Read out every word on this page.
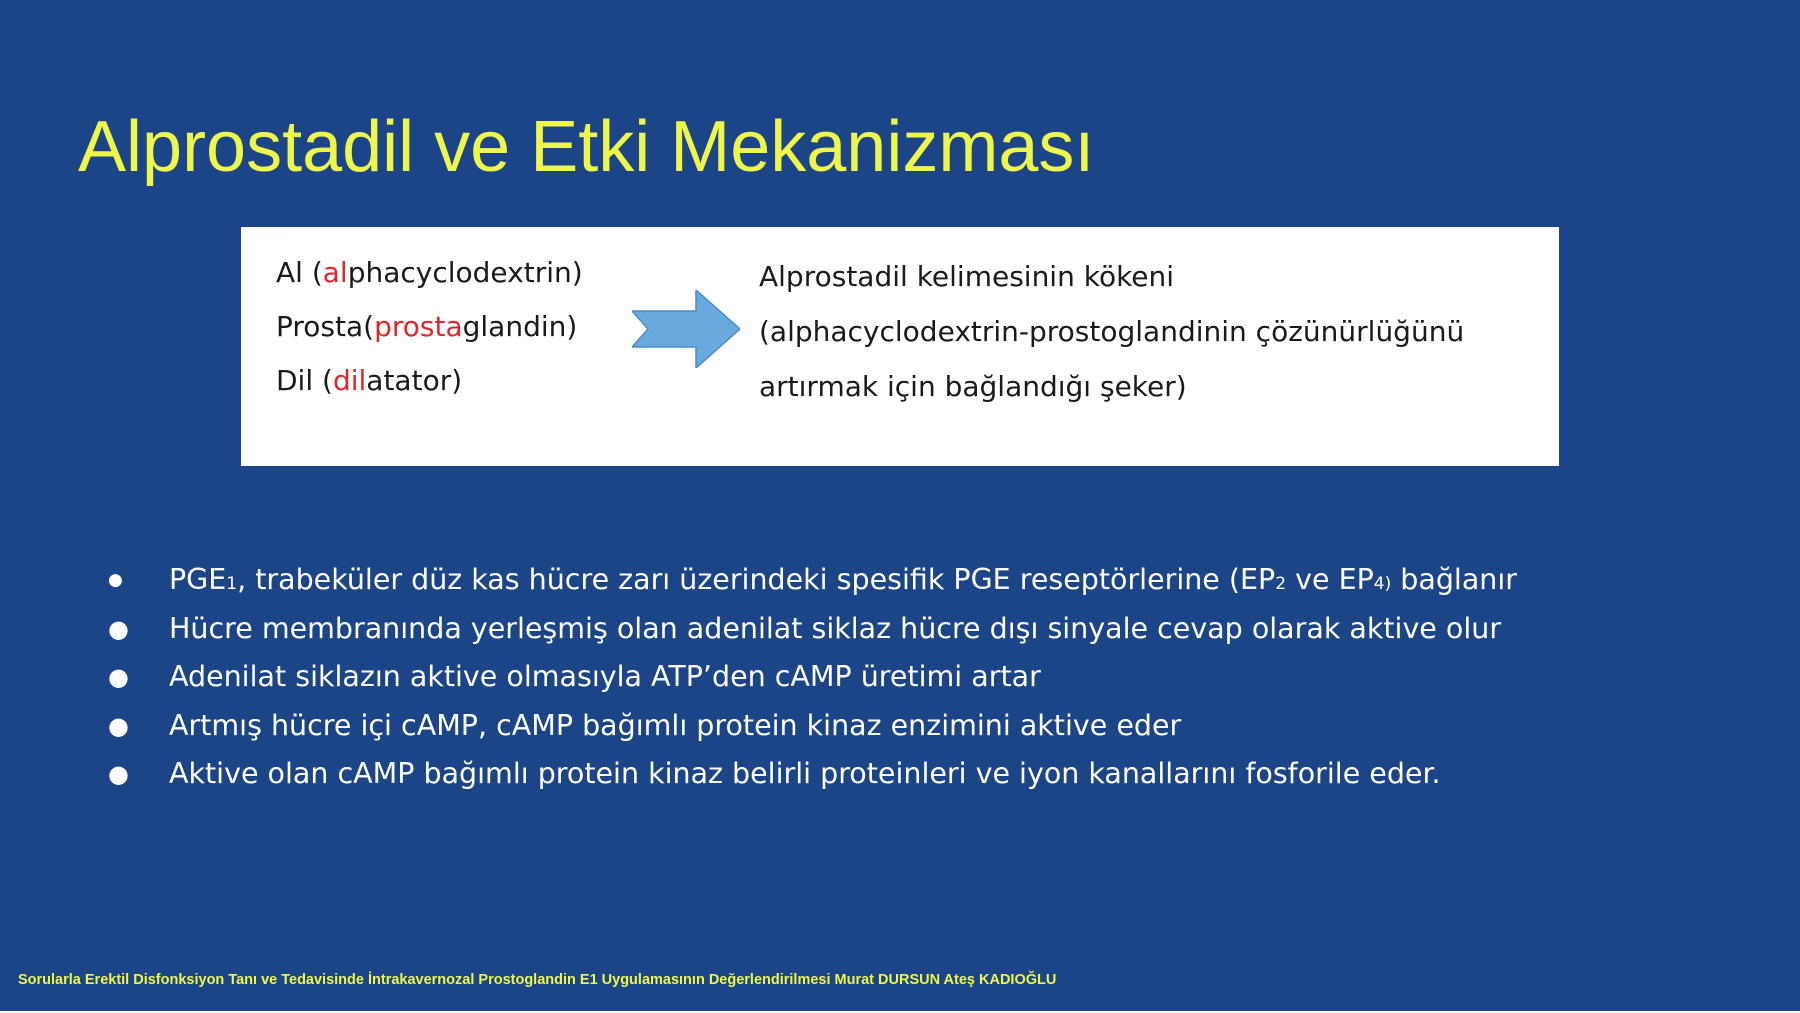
Alprostadil ve Etki Mekanizması
Al (alphacyclodextrin)
Prosta(prostaglandin)
Dil (dilatator)
Alprostadil kelimesinin kökeni
(alphacyclodextrin-prostoglandinin çözünürlüğünü
artırmak için bağlandığı şeker)
● PGE1, trabeküler düz kas hücre zarı üzerindeki spesifik PGE reseptörlerine (EP2 ve EP4) bağlanır
● Hücre membranında yerleşmiş olan adenilat siklaz hücre dışı sinyale cevap olarak aktive olur
● Adenilat siklazın aktive olmasıyla ATP’den cAMP üretimi artar
● Artmış hücre içi cAMP, cAMP bağımlı protein kinaz enzimini aktive eder
● Aktive olan cAMP bağımlı protein kinaz belirli proteinleri ve iyon kanallarını fosforile eder.
Sorularla Erektil Disfonksiyon Tanı ve Tedavisinde İntrakavernozal Prostoglandin E1 Uygulamasının Değerlendirilmesi Murat DURSUN Ateş KADIOĞLU
